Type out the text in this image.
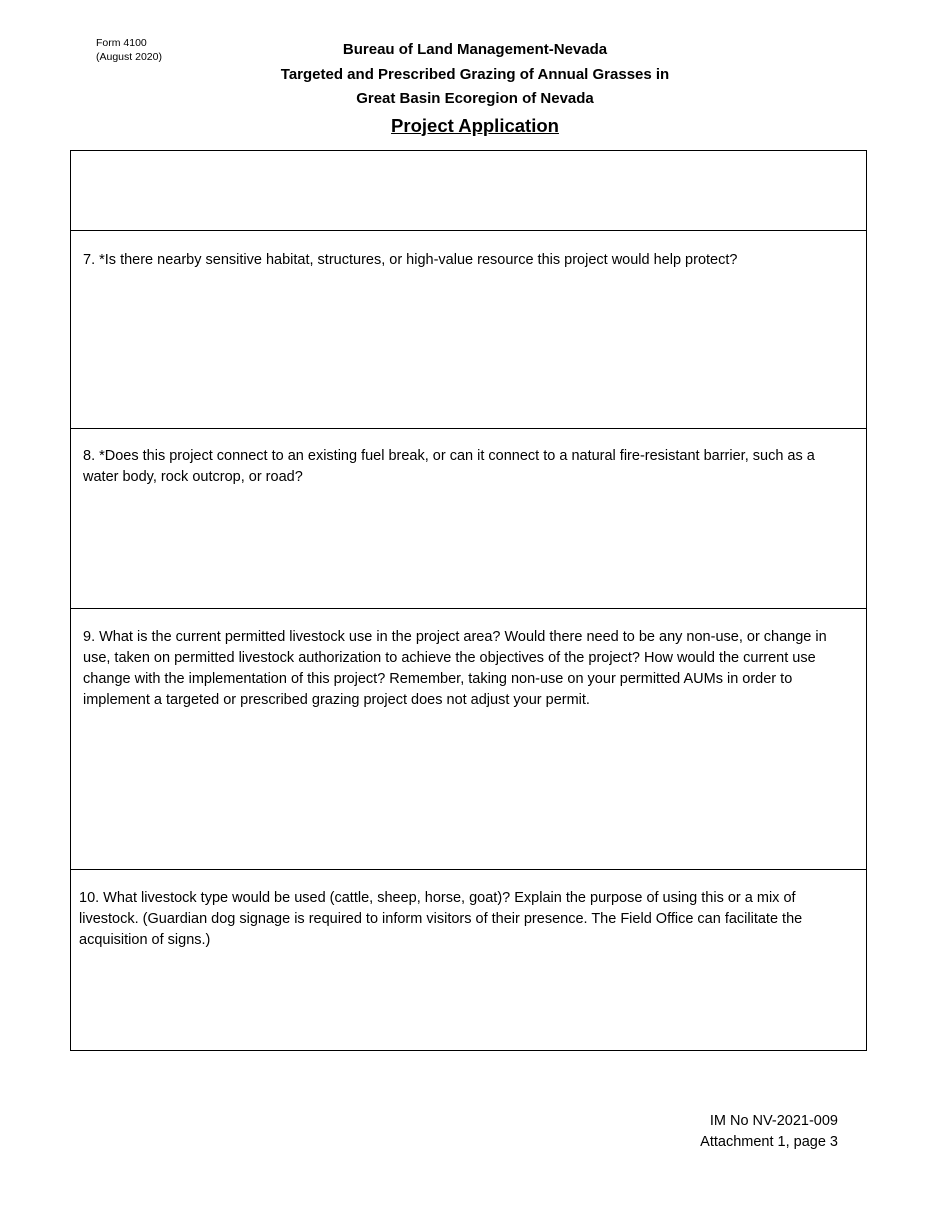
Form 4100
(August 2020)	Bureau of Land Management-Nevada
Targeted and Prescribed Grazing of Annual Grasses in
Great Basin Ecoregion of Nevada
Project Application
7. *Is there nearby sensitive habitat, structures, or high-value resource this project would help protect?
8. *Does this project connect to an existing fuel break, or can it connect to a natural fire-resistant barrier, such as a water body, rock outcrop, or road?
9. What is the current permitted livestock use in the project area? Would there need to be any non-use, or change in use, taken on permitted livestock authorization to achieve the objectives of the project? How would the current use change with the implementation of this project? Remember, taking non-use on your permitted AUMs in order to implement a targeted or prescribed grazing project does not adjust your permit.
10. What livestock type would be used (cattle, sheep, horse, goat)? Explain the purpose of using this or a mix of livestock. (Guardian dog signage is required to inform visitors of their presence. The Field Office can facilitate the acquisition of signs.)
IM No NV-2021-009
Attachment 1, page 3
